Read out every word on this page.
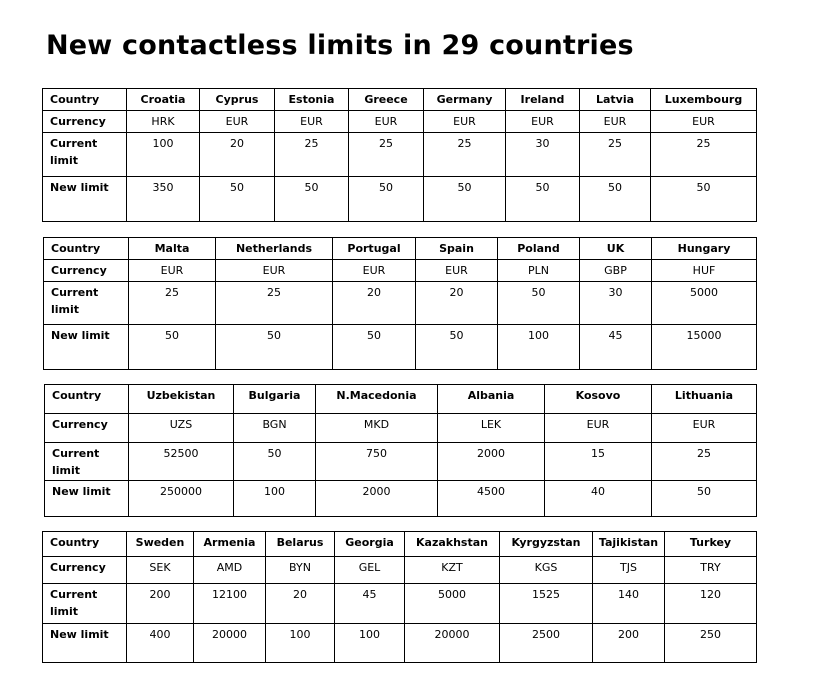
New contactless limits in 29 countries
Country	Croatia	Cyprus	Estonia	Greece	Germany	Ireland	Latvia	Luxembourg
Currency	HRK	EUR	EUR	EUR	EUR	EUR	EUR	EUR
Current limit	100	20	25	25	25	30	25	25
New limit	350	50	50	50	50	50	50	50
Country	Malta	Netherlands	Portugal	Spain	Poland	UK	Hungary
Currency	EUR	EUR	EUR	EUR	PLN	GBP	HUF
Current limit	25	25	20	20	50	30	5000
New limit	50	50	50	50	100	45	15000
Country	Uzbekistan	Bulgaria	N.Macedonia	Albania	Kosovo	Lithuania
Currency	UZS	BGN	MKD	LEK	EUR	EUR
Current limit	52500	50	750	2000	15	25
New limit	250000	100	2000	4500	40	50
Country	Sweden	Armenia	Belarus	Georgia	Kazakhstan	Kyrgyzstan	Tajikistan	Turkey
Currency	SEK	AMD	BYN	GEL	KZT	KGS	TJS	TRY
Current limit	200	12100	20	45	5000	1525	140	120
New limit	400	20000	100	100	20000	2500	200	250
